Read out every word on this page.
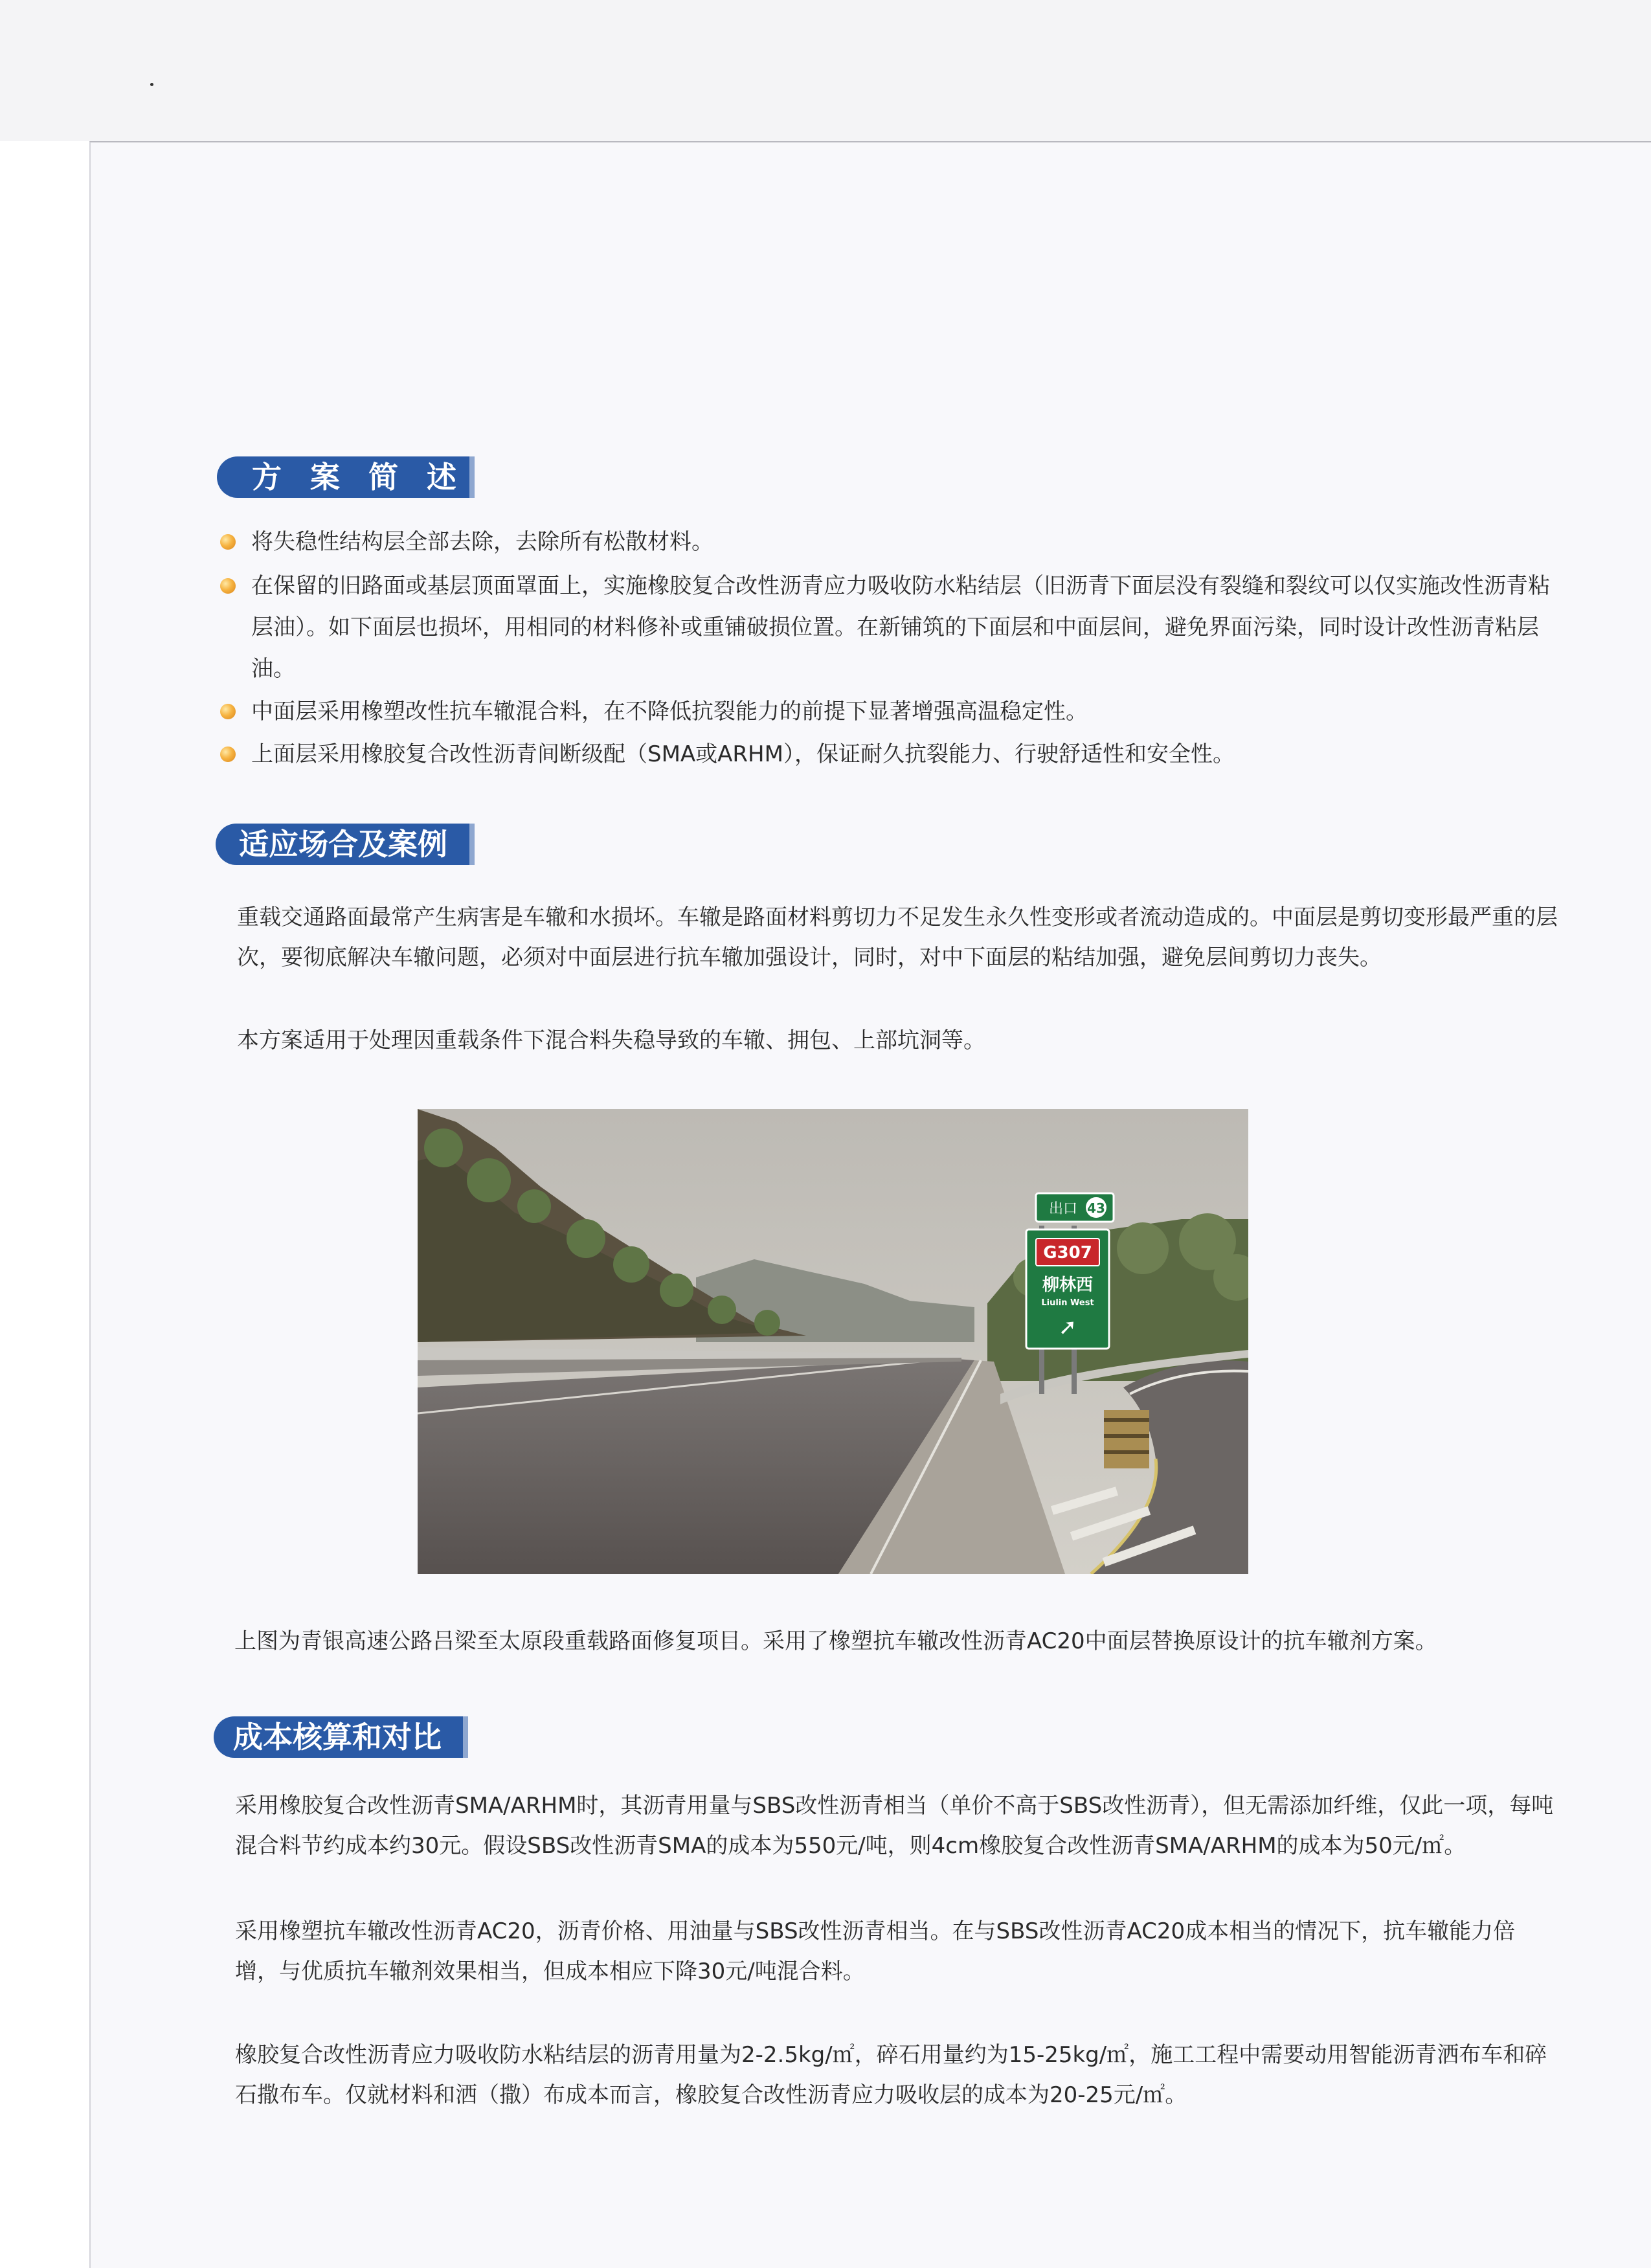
方 案 简 述
将失稳性结构层全部去除，去除所有松散材料。
在保留的旧路面或基层顶面罩面上，实施橡胶复合改性沥青应力吸收防水粘结层（旧沥青下面层没有裂缝和裂纹可以仅实施改性沥青粘层油）。如下面层也损坏，用相同的材料修补或重铺破损位置。在新铺筑的下面层和中面层间，避免界面污染，同时设计改性沥青粘层油。
中面层采用橡塑改性抗车辙混合料，在不降低抗裂能力的前提下显著增强高温稳定性。
上面层采用橡胶复合改性沥青间断级配（SMA或ARHM），保证耐久抗裂能力、行驶舒适性和安全性。
适应场合及案例

重载交通路面最常产生病害是车辙和水损坏。车辙是路面材料剪切力不足发生永久性变形或者流动造成的。中面层是剪切变形最严重的层次，要彻底解决车辙问题，必须对中面层进行抗车辙加强设计，同时，对中下面层的粘结加强，避免层间剪切力丧失。

本方案适用于处理因重载条件下混合料失稳导致的车辙、拥包、上部坑洞等。

出口 43
G307
柳林西
Liulin West
➚

上图为青银高速公路吕梁至太原段重载路面修复项目。采用了橡塑抗车辙改性沥青AC20中面层替换原设计的抗车辙剂方案。

成本核算和对比

采用橡胶复合改性沥青SMA/ARHM时，其沥青用量与SBS改性沥青相当（单价不高于SBS改性沥青），但无需添加纤维，仅此一项，每吨混合料节约成本约30元。假设SBS改性沥青SMA的成本为550元/吨，则4cm橡胶复合改性沥青SMA/ARHM的成本为50元/㎡。

采用橡塑抗车辙改性沥青AC20，沥青价格、用油量与SBS改性沥青相当。在与SBS改性沥青AC20成本相当的情况下，抗车辙能力倍增，与优质抗车辙剂效果相当，但成本相应下降30元/吨混合料。

橡胶复合改性沥青应力吸收防水粘结层的沥青用量为2-2.5kg/㎡，碎石用量约为15-25kg/㎡，施工工程中需要动用智能沥青洒布车和碎石撒布车。仅就材料和洒（撒）布成本而言，橡胶复合改性沥青应力吸收层的成本为20-25元/㎡。
